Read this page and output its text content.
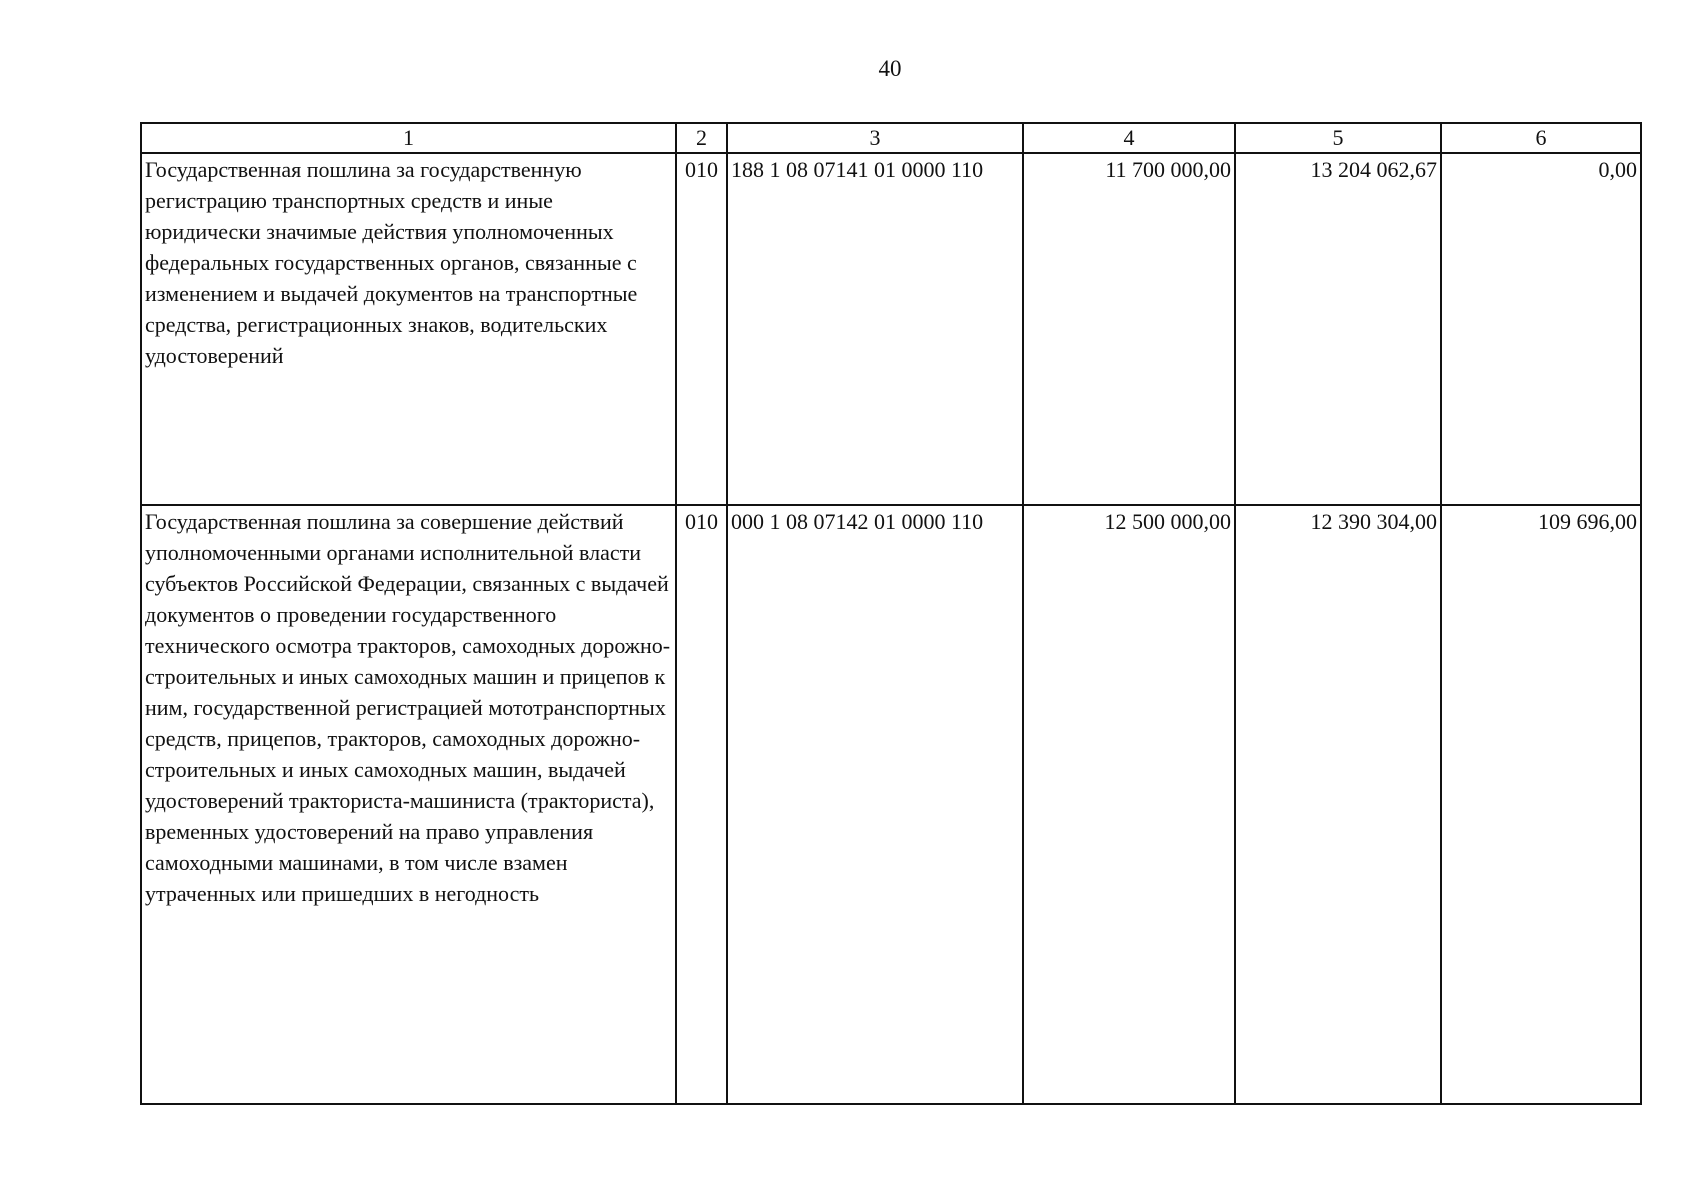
40
1	2	3	4	5	6
Государственная пошлина за государственную регистрацию транспортных средств и иные юридически значимые действия уполномоченных федеральных государственных органов, связанные с изменением и выдачей документов на транспортные средства, регистрационных знаков, водительских удостоверений	010	188 1 08 07141 01 0000 110	11 700 000,00	13 204 062,67	0,00
Государственная пошлина за совершение действий уполномоченными органами исполнительной власти субъектов Российской Федерации, связанных с выдачей документов о проведении государственного технического осмотра тракторов, самоходных дорожно- строительных и иных самоходных машин и прицепов к ним, государственной регистрацией мототранспортных средств, прицепов, тракторов, самоходных дорожно-строительных и иных самоходных машин, выдачей удостоверений тракториста-машиниста (тракториста), временных удостоверений на право управления самоходными машинами, в том числе взамен утраченных или пришедших в негодность	010	000 1 08 07142 01 0000 110	12 500 000,00	12 390 304,00	109 696,00
